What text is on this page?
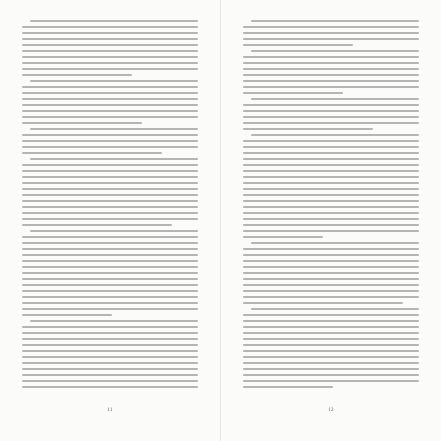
11	12
